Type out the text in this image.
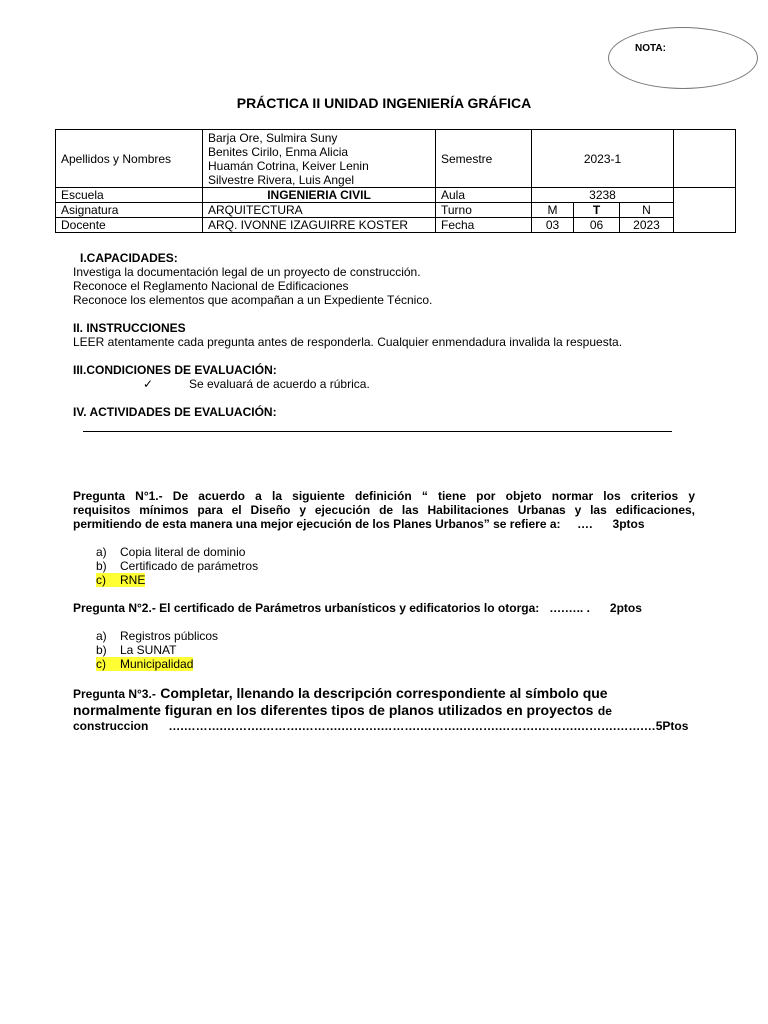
NOTA:
PRÁCTICA II UNIDAD INGENIERÍA GRÁFICA
Apellidos y Nombres	Barja Ore, Sulmira Suny
Benites Cirilo, Enma Alicia
Huamán Cotrina, Keiver Lenin
Silvestre Rivera, Luis Angel	Semestre	2023-1			
Escuela	INGENIERIA CIVIL	Aula	3238			
Asignatura	ARQUITECTURA	Turno	M	T	N	
Docente	ARQ. IVONNE IZAGUIRRE KOSTER	Fecha	03	06	2023	
I.CAPACIDADES:
Investiga la documentación legal de un proyecto de construcción.
Reconoce el Reglamento Nacional de Edificaciones
Reconoce los elementos que acompañan a un Expediente Técnico.
II. INSTRUCCIONES
LEER atentamente cada pregunta antes de responderla. Cualquier enmendadura invalida la respuesta.
III.CONDICIONES DE EVALUACIÓN:
✓	Se evaluará de acuerdo a rúbrica.
IV. ACTIVIDADES DE EVALUACIÓN:
Pregunta N°1.- De acuerdo a la siguiente definición “ tiene por objeto normar los criterios y
requisitos mínimos para el Diseño y ejecución de las Habilitaciones Urbanas y las edificaciones,
permitiendo de esta manera una mejor ejecución de los Planes Urbanos” se refiere a:     ….      3ptos
a) Copia literal de dominio
b) Certificado de parámetros
c) RNE
Pregunta N°2.- El certificado de Parámetros urbanísticos y edificatorios lo otorga:   ….….. .      2ptos
a) Registros públicos
b) La SUNAT
c) Municipalidad
Pregunta N°3.- Completar, llenando la descripción correspondiente al símbolo que
normalmente figuran en los diferentes tipos de planos utilizados en proyectos de
construccion      ….……….……….……….……….……….……….……….……….……….……….……….…….…5Ptos
